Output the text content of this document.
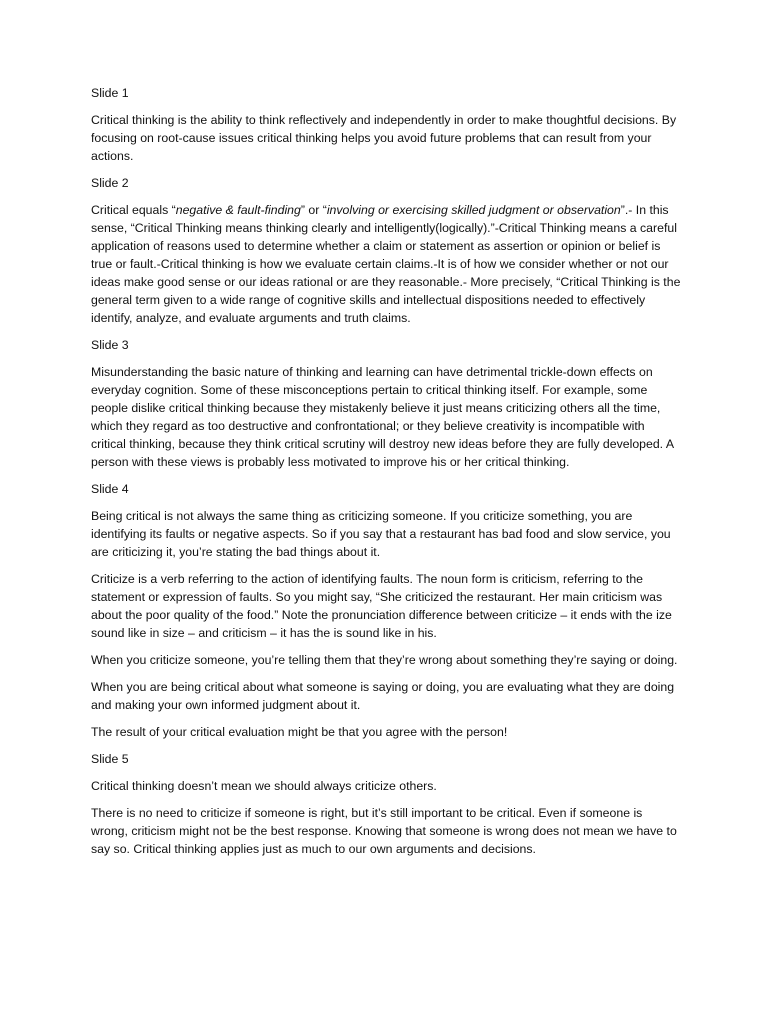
Slide 1

Critical thinking is the ability to think reflectively and independently in order to make thoughtful decisions. By focusing on root-cause issues critical thinking helps you avoid future problems that can result from your actions.

Slide 2

Critical equals “negative & fault-finding” or “involving or exercising skilled judgment or observation”.- In this sense, “Critical Thinking means thinking clearly and intelligently(logically).”-Critical Thinking means a careful application of reasons used to determine whether a claim or statement as assertion or opinion or belief is true or fault.-Critical thinking is how we evaluate certain claims.-It is of how we consider whether or not our ideas make good sense or our ideas rational or are they reasonable.- More precisely, “Critical Thinking is the general term given to a wide range of cognitive skills and intellectual dispositions needed to effectively identify, analyze, and evaluate arguments and truth claims.

Slide 3

Misunderstanding the basic nature of thinking and learning can have detrimental trickle-down effects on everyday cognition. Some of these misconceptions pertain to critical thinking itself. For example, some people dislike critical thinking because they mistakenly believe it just means criticizing others all the time, which they regard as too destructive and confrontational; or they believe creativity is incompatible with critical thinking, because they think critical scrutiny will destroy new ideas before they are fully developed. A person with these views is probably less motivated to improve his or her critical thinking.

Slide 4

Being critical is not always the same thing as criticizing someone. If you criticize something, you are identifying its faults or negative aspects. So if you say that a restaurant has bad food and slow service, you are criticizing it, you’re stating the bad things about it.

Criticize is a verb referring to the action of identifying faults. The noun form is criticism, referring to the statement or expression of faults. So you might say, “She criticized the restaurant. Her main criticism was about the poor quality of the food.” Note the pronunciation difference between criticize – it ends with the ize sound like in size – and criticism – it has the is sound like in his.

When you criticize someone, you’re telling them that they’re wrong about something they’re saying or doing.

When you are being critical about what someone is saying or doing, you are evaluating what they are doing and making your own informed judgment about it.

The result of your critical evaluation might be that you agree with the person!

Slide 5

Critical thinking doesn’t mean we should always criticize others.

There is no need to criticize if someone is right, but it’s still important to be critical. Even if someone is wrong, criticism might not be the best response. Knowing that someone is wrong does not mean we have to say so. Critical thinking applies just as much to our own arguments and decisions.
